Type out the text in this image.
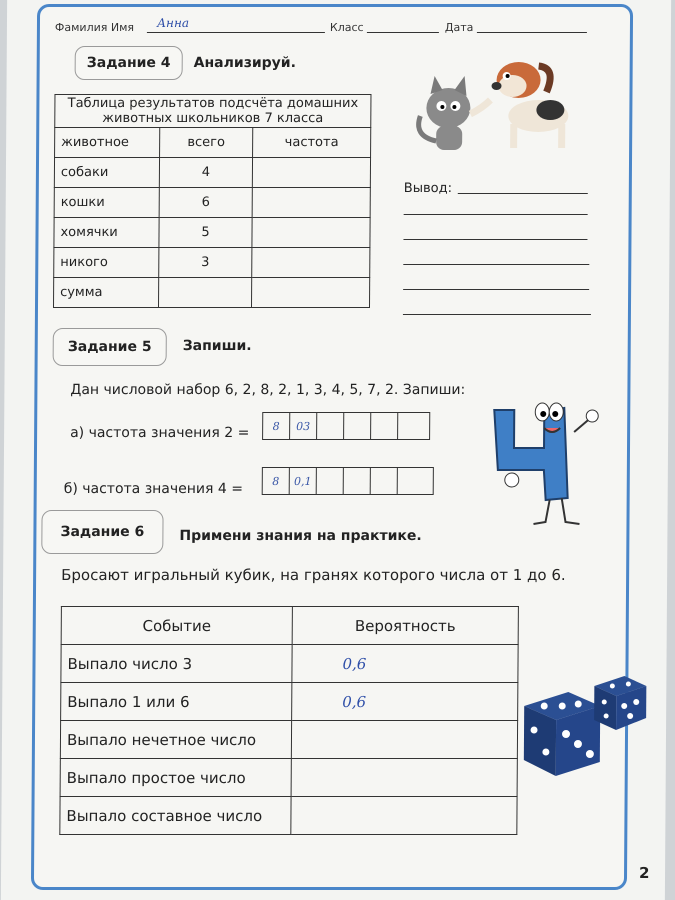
Фамилия Имя Анна	Класс	Дата
Задание 4	Анализируй.
Таблица результатов подсчёта домашних животных школьников 7 класса		
животное	всего	частота
собаки	4	
кошки	6	
хомячки	5	
никого	3	
сумма		
Вывод:
Задание 5	Запиши.
Дан числовой набор 6, 2, 8, 2, 1, 3, 4, 5, 7, 2. Запиши:
а) частота значения 2 =	8	03
б) частота значения 4 =	8	0,1
Задание 6	Примени знания на практике.
Бросают игральный кубик, на гранях которого числа от 1 до 6.
Событие	Вероятность
Выпало число 3	0,6
Выпало 1 или 6	0,6
Выпало нечетное число	
Выпало простое число	
Выпало составное число	
2
